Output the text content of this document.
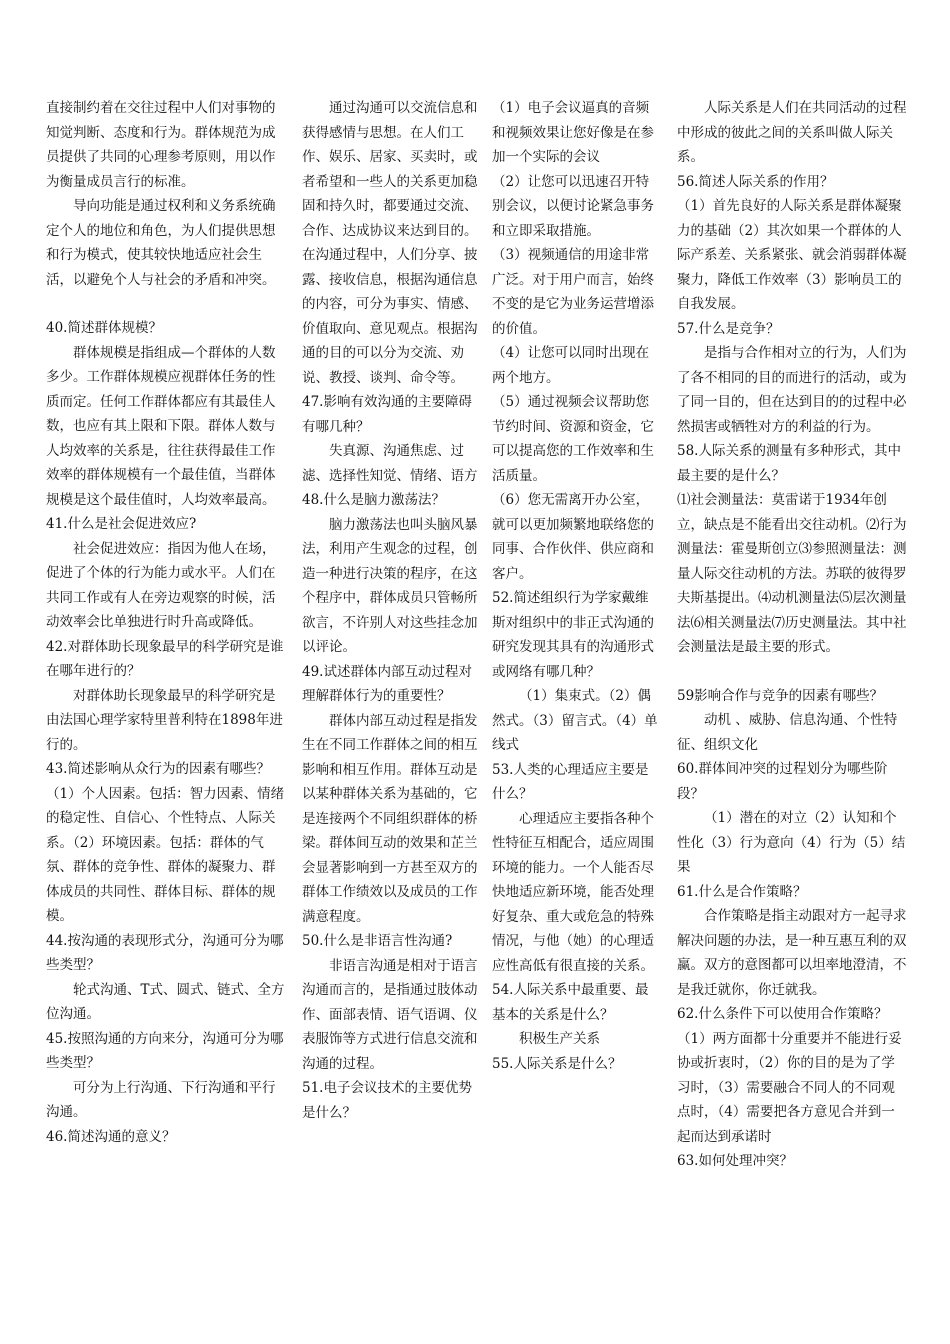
直接制约着在交往过程中人们对事物的知觉判断、态度和行为。群体规范为成员提供了共同的心理参考原则，用以作为衡量成员言行的标准。

导向功能是通过权利和义务系统确定个人的地位和角色，为人们提供思想和行为模式，使其较快地适应社会生活，以避免个人与社会的矛盾和冲突。

40.简述群体规模？

群体规模是指组成—个群体的人数多少。工作群体规模应视群体任务的性质而定。任何工作群体都应有其最佳人数，也应有其上限和下限。群体人数与人均效率的关系是，往往获得最佳工作效率的群体规模有一个最佳值，当群体规模是这个最佳值时，人均效率最高。

41.什么是社会促进效应?

社会促进效应：指因为他人在场，促进了个体的行为能力或水平。人们在共同工作或有人在旁边观察的时候，活动效率会比单独进行时升高或降低。

42.对群体助长现象最早的科学研究是谁在哪年进行的？

对群体助长现象最早的科学研究是由法国心理学家特里普利特在1898年进行的。

43.简述影响从众行为的因素有哪些？

（1）个人因素。包括：智力因素、情绪的稳定性、自信心、个性特点、人际关系。（2）环境因素。包括：群体的气氛、群体的竞争性、群体的凝聚力、群体成员的共同性、群体目标、群体的规模。

44.按沟通的表现形式分，沟通可分为哪些类型？

轮式沟通、T式、圆式、链式、全方位沟通。

45.按照沟通的方向来分，沟通可分为哪些类型？

可分为上行沟通、下行沟通和平行沟通。

46.简述沟通的意义？

通过沟通可以交流信息和获得感情与思想。在人们工作、娱乐、居家、买卖时，或者希望和一些人的关系更加稳固和持久时，都要通过交流、合作、达成协议来达到目的。在沟通过程中，人们分享、披露、接收信息，根据沟通信息的内容，可分为事实、情感、价值取向、意见观点。根据沟通的目的可以分为交流、劝说、教授、谈判、命令等。

47.影响有效沟通的主要障碍有哪几种？

失真源、沟通焦虑、过滤、选择性知觉、情绪、语方

48.什么是脑力激荡法？

脑力激荡法也叫头脑风暴法，利用产生观念的过程，创造一种进行决策的程序，在这个程序中，群体成员只管畅所欲言，不许别人对这些挂念加以评论。

49.试述群体内部互动过程对理解群体行为的重要性？

群体内部互动过程是指发生在不同工作群体之间的相互影响和相互作用。群体互动是以某种群体关系为基础的，它是连接两个不同组织群体的桥梁。群体间互动的效果和芷兰会显著影响到一方甚至双方的群体工作绩效以及成员的工作满意程度。

50.什么是非语言性沟通?

非语言沟通是相对于语言沟通而言的，是指通过肢体动作、面部表情、语气语调、仪表服饰等方式进行信息交流和沟通的过程。

51.电子会议技术的主要优势是什么？

（1）电子会议逼真的音频和视频效果让您好像是在参加一个实际的会议

（2）让您可以迅速召开特别会议，以便讨论紧急事务和立即采取措施。

（3）视频通信的用途非常广泛。对于用户而言，始终不变的是它为业务运营增添的价值。

（4）让您可以同时出现在两个地方。

（5）通过视频会议帮助您节约时间、资源和资金，它可以提高您的工作效率和生活质量。

（6）您无需离开办公室，就可以更加频繁地联络您的同事、合作伙伴、供应商和客户。

52.简述组织行为学家戴维斯对组织中的非正式沟通的研究发现其具有的沟通形式或网络有哪几种？

（1）集束式。（2）偶然式。（3）留言式。（4）单线式

53.人类的心理适应主要是什么？

心理适应主要指各种个性特征互相配合，适应周围环境的能力。一个人能否尽快地适应新环境，能否处理好复杂、重大或危急的特殊情况，与他（她）的心理适应性高低有很直接的关系。

54.人际关系中最重要、最基本的关系是什么？

积极生产关系

55.人际关系是什么？

人际关系是人们在共同活动的过程中形成的彼此之间的关系叫做人际关系。

56.简述人际关系的作用？

（1）首先良好的人际关系是群体凝聚力的基础（2）其次如果一个群体的人际产系差、关系紧张、就会消弱群体凝聚力，降低工作效率（3）影响员工的自我发展。

57.什么是竞争？

是指与合作相对立的行为，人们为了各不相同的目的而进行的活动，或为了同一目的，但在达到目的的过程中必然损害或牺牲对方的利益的行为。

58.人际关系的测量有多种形式，其中最主要的是什么？

⑴社会测量法：莫雷诺于1934年创立，缺点是不能看出交往动机。⑵行为测量法：霍曼斯创立⑶参照测量法：测量人际交往动机的方法。苏联的彼得罗夫斯基提出。⑷动机测量法⑸层次测量法⑹相关测量法⑺历史测量法。其中社会测量法是最主要的形式。

59影响合作与竞争的因素有哪些？

动机 、威胁、信息沟通、个性特征、组织文化

60.群体间冲突的过程划分为哪些阶段？

（1）潜在的对立（2）认知和个性化（3）行为意向（4）行为（5）结果

61.什么是合作策略？

合作策略是指主动跟对方一起寻求解决问题的办法，是一种互惠互利的双赢。双方的意图都可以坦率地澄清，不是我迁就你，你迁就我。

62.什么条件下可以使用合作策略？

（1）两方面都十分重要并不能进行妥协或折衷时，（2）你的目的是为了学习时，（3）需要融合不同人的不同观点时，（4）需要把各方意见合并到一起而达到承诺时

63.如何处理冲突？
